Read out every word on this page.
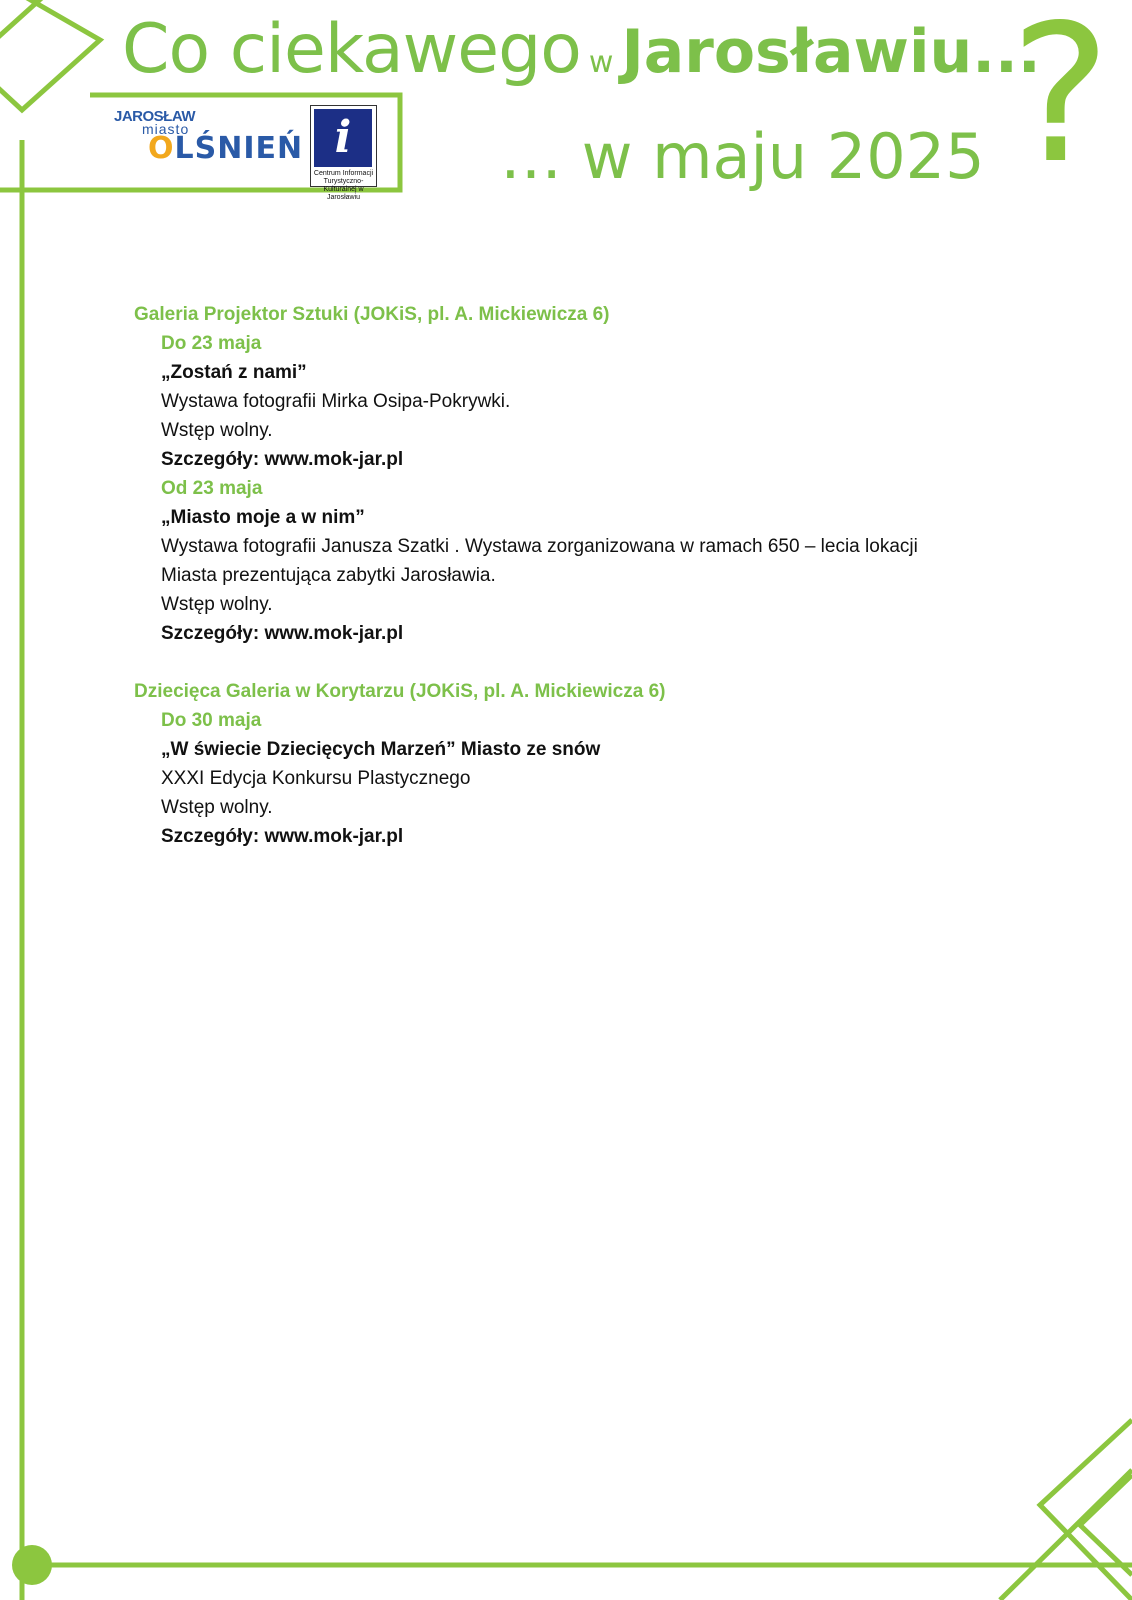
?
Co ciekawego w Jarosławiu...
… w maju 2025
JAROSŁAW
miasto
OLŚNIEŃ i
Centrum Informacji Turystyczno-Kulturalnej w Jarosławiu
Galeria Projektor Sztuki (JOKiS, pl. A. Mickiewicza 6)
Do 23 maja
„Zostań z nami”
Wystawa fotografii Mirka Osipa-Pokrywki.
Wstęp wolny.
Szczegóły: www.mok-jar.pl
Od 23 maja
„Miasto moje a w nim”
Wystawa fotografii Janusza Szatki . Wystawa zorganizowana w ramach 650 – lecia lokacji
Miasta prezentująca zabytki Jarosławia.
Wstęp wolny.
Szczegóły: www.mok-jar.pl
Dziecięca Galeria w Korytarzu (JOKiS, pl. A. Mickiewicza 6)
Do 30 maja
„W świecie Dziecięcych Marzeń” Miasto ze snów
XXXI Edycja Konkursu Plastycznego
Wstęp wolny.
Szczegóły: www.mok-jar.pl
